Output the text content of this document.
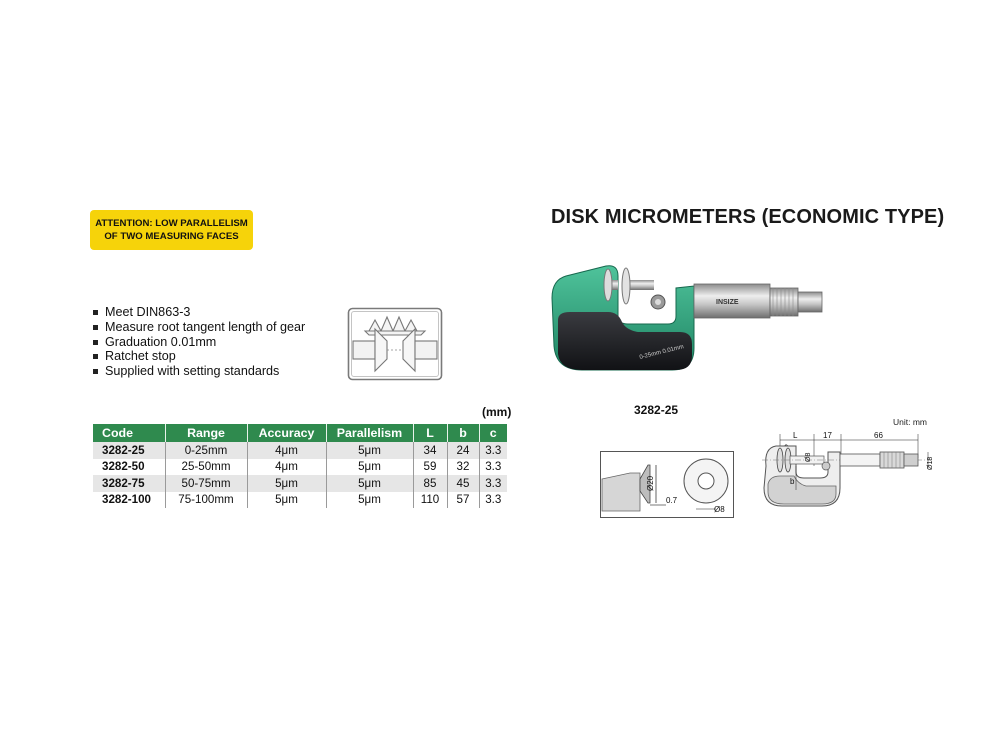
ATTENTION: LOW PARALLELISM
OF TWO MEASURING FACES
DISK MICROMETERS (ECONOMIC TYPE)
Meet DIN863-3
Measure root tangent length of gear
Graduation 0.01mm
Ratchet stop
Supplied with setting standards
(mm)
Code	Range	Accuracy	Parallelism	L	b	c
3282-25	0-25mm	4μm	5μm	34	24	3.3
3282-50	25-50mm	4μm	5μm	59	32	3.3
3282-75	50-75mm	5μm	5μm	85	45	3.3
3282-100	75-100mm	5μm	5μm	110	57	3.3
0-25mm 0.01mm
INSIZE
3282-25
Ø20
0.7
Ø8
Unit: mm
L	17	66
Ø8	Ø18
b
